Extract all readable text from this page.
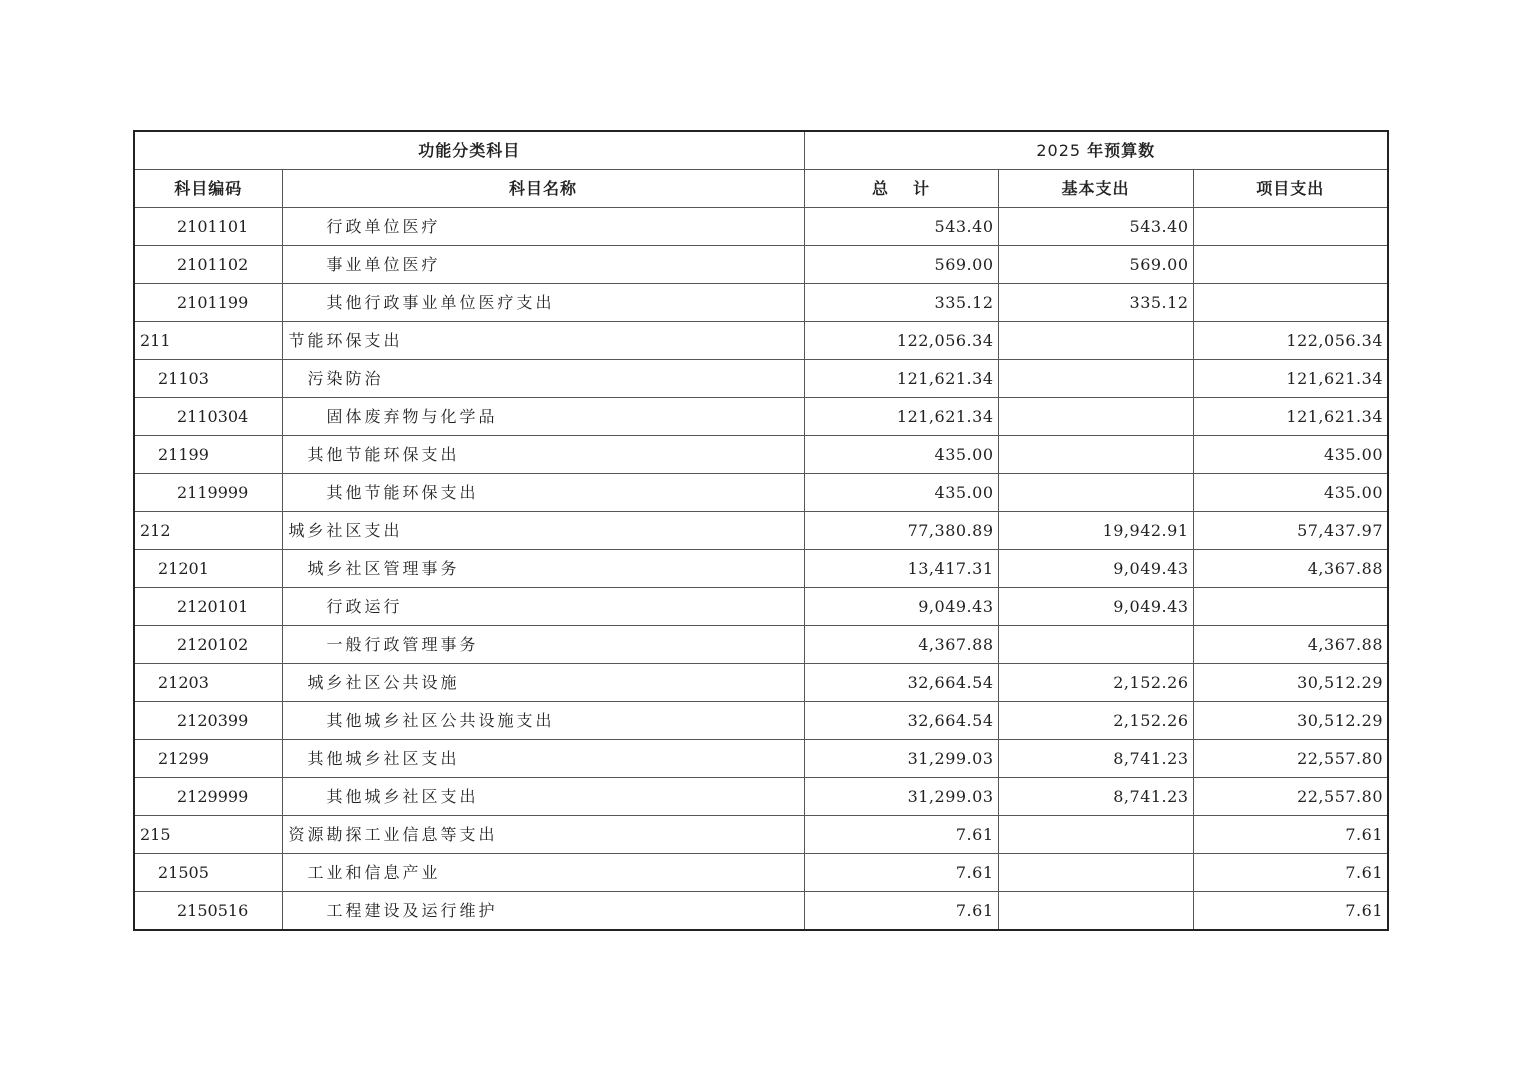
功能分类科目		2025 年预算数		
科目编码	科目名称	总 计	基本支出	项目支出
2101101	行政单位医疗	543.40	543.40	
2101102	事业单位医疗	569.00	569.00	
2101199	其他行政事业单位医疗支出	335.12	335.12	
211	节能环保支出	122,056.34		122,056.34
21103	污染防治	121,621.34		121,621.34
2110304	固体废弃物与化学品	121,621.34		121,621.34
21199	其他节能环保支出	435.00		435.00
2119999	其他节能环保支出	435.00		435.00
212	城乡社区支出	77,380.89	19,942.91	57,437.97
21201	城乡社区管理事务	13,417.31	9,049.43	4,367.88
2120101	行政运行	9,049.43	9,049.43	
2120102	一般行政管理事务	4,367.88		4,367.88
21203	城乡社区公共设施	32,664.54	2,152.26	30,512.29
2120399	其他城乡社区公共设施支出	32,664.54	2,152.26	30,512.29
21299	其他城乡社区支出	31,299.03	8,741.23	22,557.80
2129999	其他城乡社区支出	31,299.03	8,741.23	22,557.80
215	资源勘探工业信息等支出	7.61		7.61
21505	工业和信息产业	7.61		7.61
2150516	工程建设及运行维护	7.61		7.61
